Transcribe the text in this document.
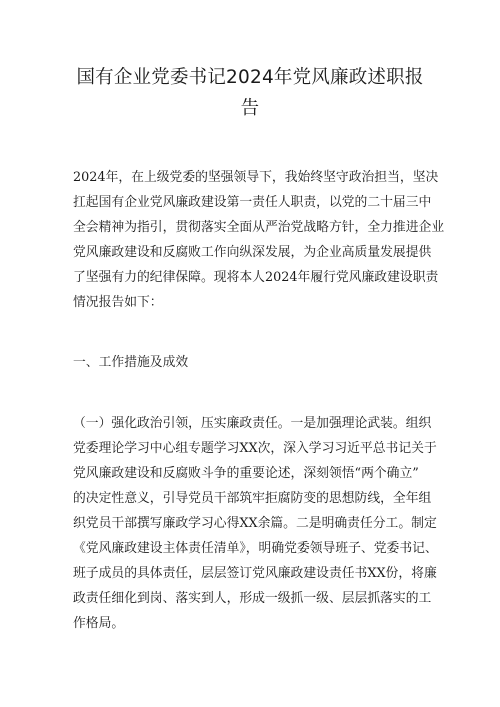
国有企业党委书记2024年党风廉政述职报
告
2024年，在上级党委的坚强领导下，我始终坚守政治担当，坚决
扛起国有企业党风廉政建设第一责任人职责，以党的二十届三中
全会精神为指引，贯彻落实全面从严治党战略方针，全力推进企业
党风廉政建设和反腐败工作向纵深发展，为企业高质量发展提供
了坚强有力的纪律保障。现将本人2024年履行党风廉政建设职责
情况报告如下：
一、工作措施及成效
（一）强化政治引领，压实廉政责任。一是加强理论武装。组织
党委理论学习中心组专题学习XX次，深入学习习近平总书记关于
党风廉政建设和反腐败斗争的重要论述，深刻领悟“两个确立”
的决定性意义，引导党员干部筑牢拒腐防变的思想防线，全年组
织党员干部撰写廉政学习心得XX余篇。二是明确责任分工。制定
《党风廉政建设主体责任清单》，明确党委领导班子、党委书记、
班子成员的具体责任，层层签订党风廉政建设责任书XX份，将廉
政责任细化到岗、落实到人，形成一级抓一级、层层抓落实的工
作格局。
